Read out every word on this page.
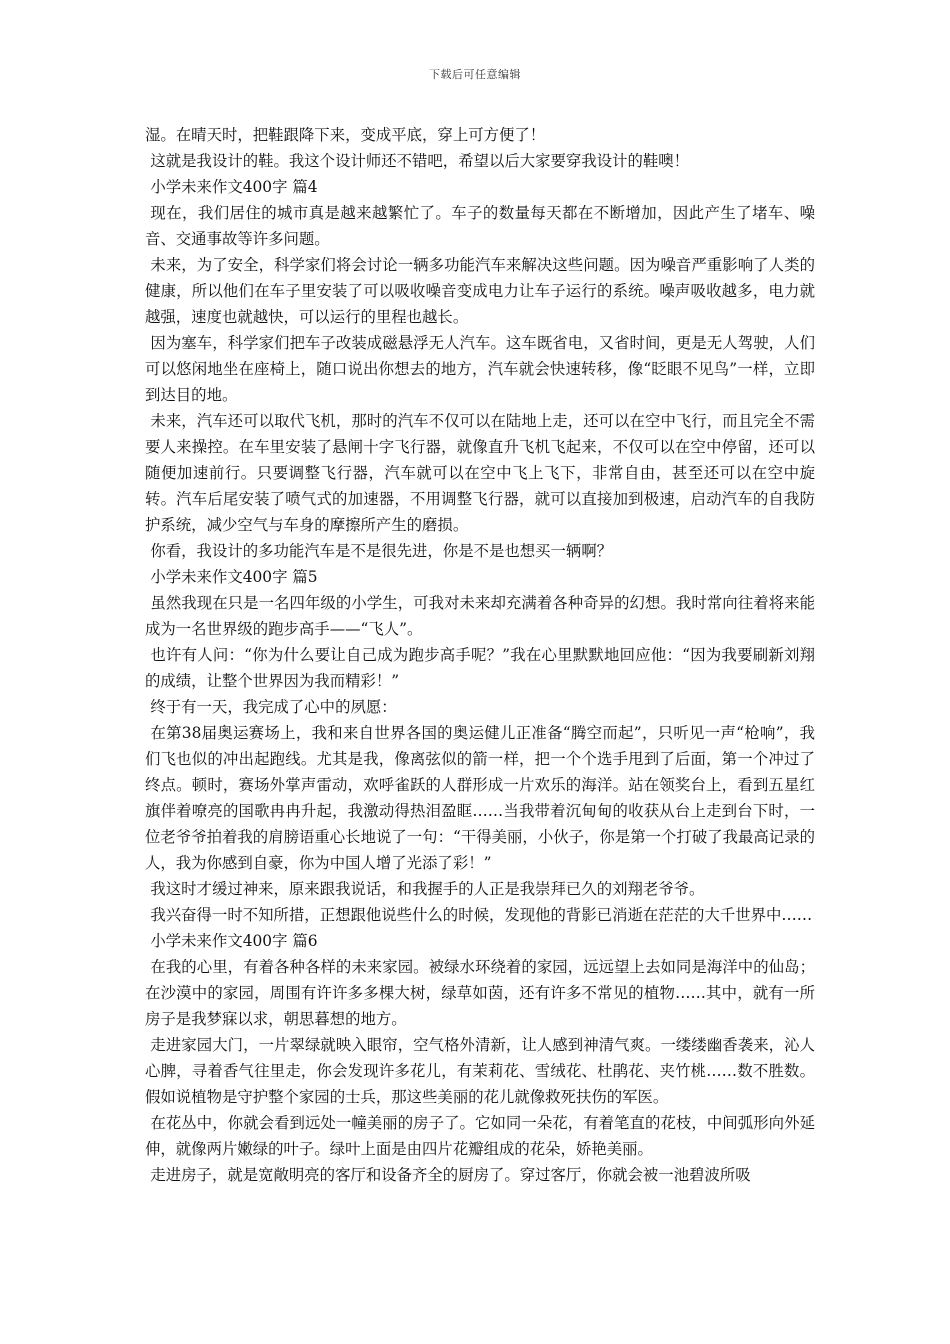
下载后可任意编辑

湿。在晴天时，把鞋跟降下来，变成平底，穿上可方便了！

这就是我设计的鞋。我这个设计师还不错吧，希望以后大家要穿我设计的鞋噢！

小学未来作文400字 篇4

现在，我们居住的城市真是越来越繁忙了。车子的数量每天都在不断增加，因此产生了堵车、噪音、交通事故等许多问题。

未来，为了安全，科学家们将会讨论一辆多功能汽车来解决这些问题。因为噪音严重影响了人类的健康，所以他们在车子里安装了可以吸收噪音变成电力让车子运行的系统。噪声吸收越多，电力就越强，速度也就越快，可以运行的里程也越长。

因为塞车，科学家们把车子改装成磁悬浮无人汽车。这车既省电，又省时间，更是无人驾驶，人们可以悠闲地坐在座椅上，随口说出你想去的地方，汽车就会快速转移，像“眨眼不见鸟”一样，立即到达目的地。

未来，汽车还可以取代飞机，那时的汽车不仅可以在陆地上走，还可以在空中飞行，而且完全不需要人来操控。在车里安装了悬闸十字飞行器，就像直升飞机飞起来，不仅可以在空中停留，还可以随便加速前行。只要调整飞行器，汽车就可以在空中飞上飞下，非常自由，甚至还可以在空中旋转。汽车后尾安装了喷气式的加速器，不用调整飞行器，就可以直接加到极速，启动汽车的自我防护系统，减少空气与车身的摩擦所产生的磨损。

你看，我设计的多功能汽车是不是很先进，你是不是也想买一辆啊？

小学未来作文400字 篇5

虽然我现在只是一名四年级的小学生，可我对未来却充满着各种奇异的幻想。我时常向往着将来能成为一名世界级的跑步高手——“飞人”。

也许有人问：“你为什么要让自己成为跑步高手呢？”我在心里默默地回应他：“因为我要刷新刘翔的成绩，让整个世界因为我而精彩！”

终于有一天，我完成了心中的夙愿：

在第38届奥运赛场上，我和来自世界各国的奥运健儿正准备“腾空而起”，只听见一声“枪响”，我们飞也似的冲出起跑线。尤其是我，像离弦似的箭一样，把一个个选手甩到了后面，第一个冲过了终点。顿时，赛场外掌声雷动，欢呼雀跃的人群形成一片欢乐的海洋。站在领奖台上，看到五星红旗伴着嘹亮的国歌冉冉升起，我激动得热泪盈眶……当我带着沉甸甸的收获从台上走到台下时，一位老爷爷拍着我的肩膀语重心长地说了一句：“干得美丽，小伙子，你是第一个打破了我最高记录的人，我为你感到自豪，你为中国人增了光添了彩！”

我这时才缓过神来，原来跟我说话，和我握手的人正是我崇拜已久的刘翔老爷爷。

我兴奋得一时不知所措，正想跟他说些什么的时候，发现他的背影已消逝在茫茫的大千世界中……

小学未来作文400字 篇6

在我的心里，有着各种各样的未来家园。被绿水环绕着的家园，远远望上去如同是海洋中的仙岛；在沙漠中的家园，周围有许许多多棵大树，绿草如茵，还有许多不常见的植物……其中，就有一所房子是我梦寐以求，朝思暮想的地方。

走进家园大门，一片翠绿就映入眼帘，空气格外清新，让人感到神清气爽。一缕缕幽香袭来，沁人心脾，寻着香气往里走，你会发现许多花儿，有茉莉花、雪绒花、杜鹃花、夹竹桃……数不胜数。假如说植物是守护整个家园的士兵，那这些美丽的花儿就像救死扶伤的军医。

在花丛中，你就会看到远处一幢美丽的房子了。它如同一朵花，有着笔直的花枝，中间弧形向外延伸，就像两片嫩绿的叶子。绿叶上面是由四片花瓣组成的花朵，娇艳美丽。

走进房子，就是宽敞明亮的客厅和设备齐全的厨房了。穿过客厅，你就会被一池碧波所吸
